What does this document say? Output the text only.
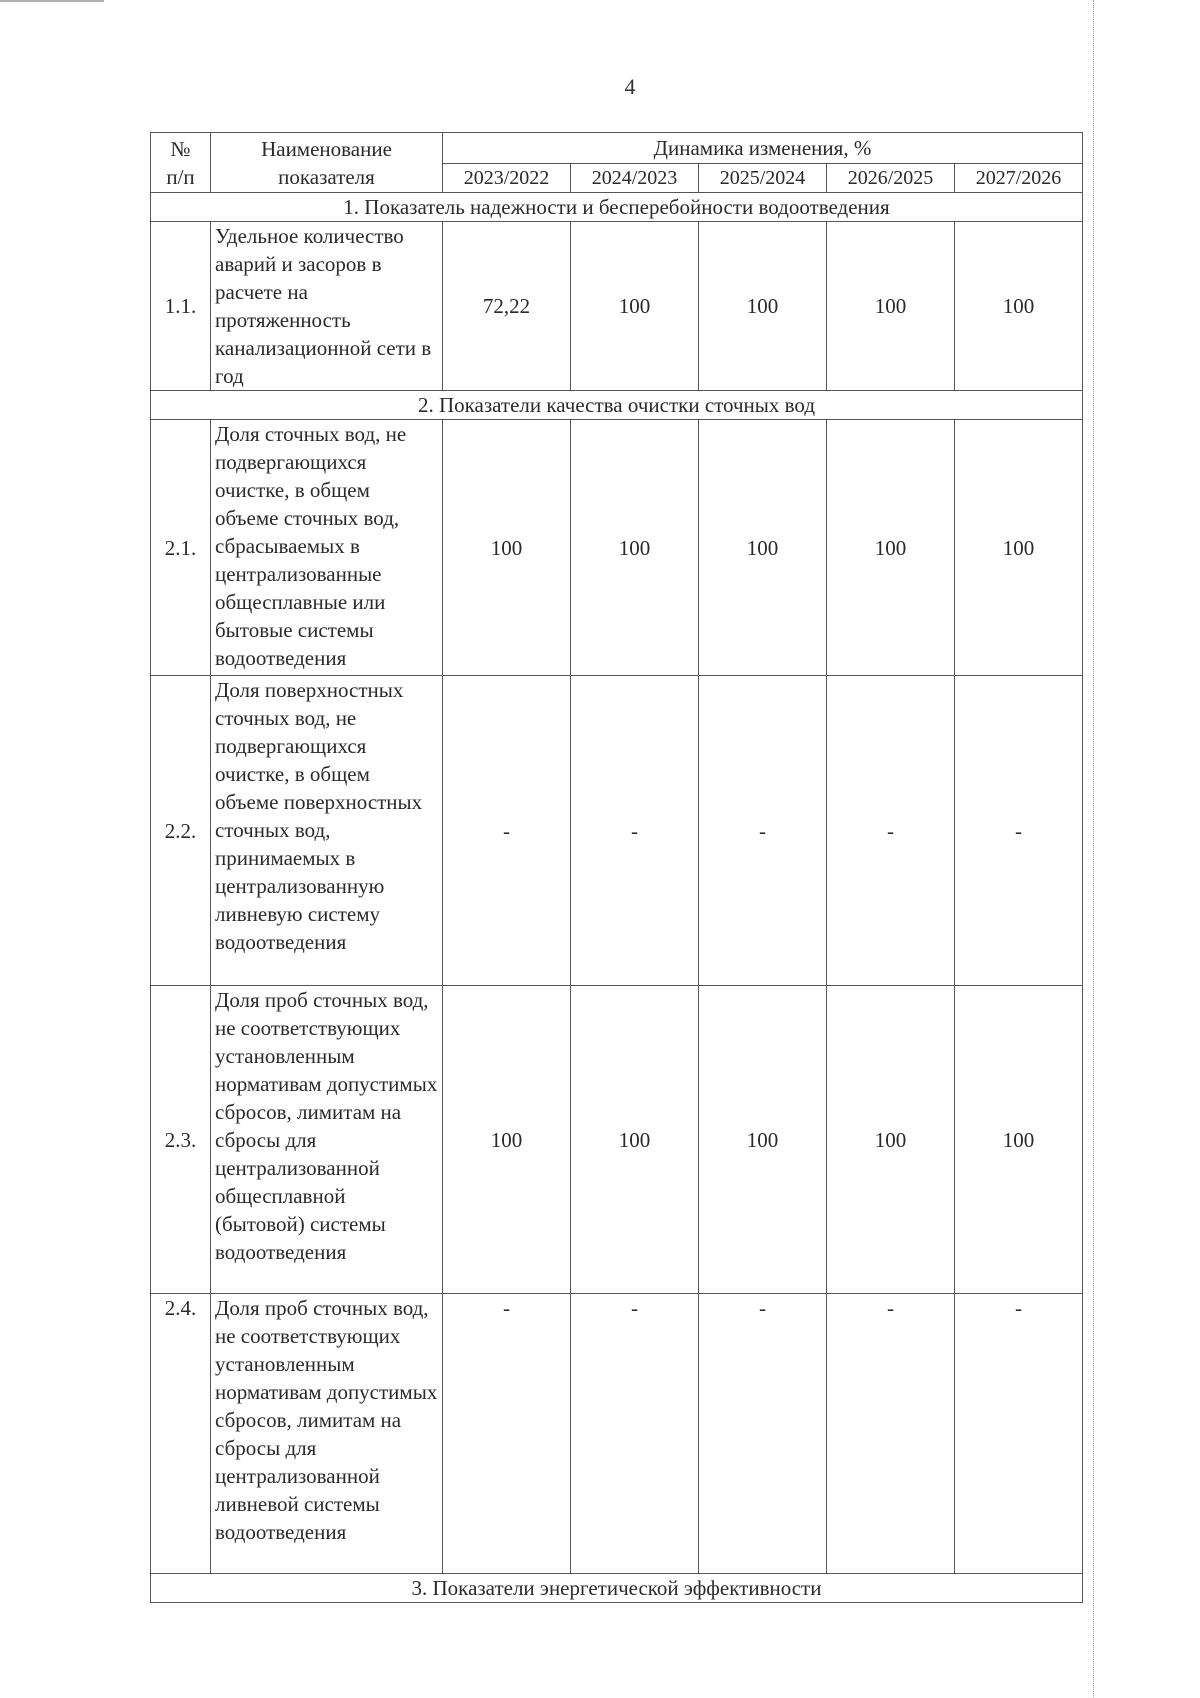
4
№
п/п	Наименование показателя	Динамика изменения, %				
		2023/2022	2024/2023	2025/2024	2026/2025	2027/2026
1. Показатель надежности и бесперебойности водоотведения						
1.1.	Удельное количество аварий и засоров в расчете на протяженность канализационной сети в год	72,22	100	100	100	100
2. Показатели качества очистки сточных вод						
2.1.	Доля сточных вод, не подвергающихся очистке, в общем объеме сточных вод, сбрасываемых в централизованные общесплавные или бытовые системы водоотведения	100	100	100	100	100
2.2.	Доля поверхностных сточных вод, не подвергающихся очистке, в общем объеме поверхностных сточных вод, принимаемых в централизованную ливневую систему водоотведения	-	-	-	-	-
2.3.	Доля проб сточных вод, не соответствующих установленным нормативам допустимых сбросов, лимитам на сбросы для централизованной общесплавной (бытовой) системы водоотведения	100	100	100	100	100
2.4.	Доля проб сточных вод, не соответствующих установленным нормативам допустимых сбросов, лимитам на сбросы для централизованной ливневой системы водоотведения	-	-	-	-	-
3. Показатели энергетической эффективности						
